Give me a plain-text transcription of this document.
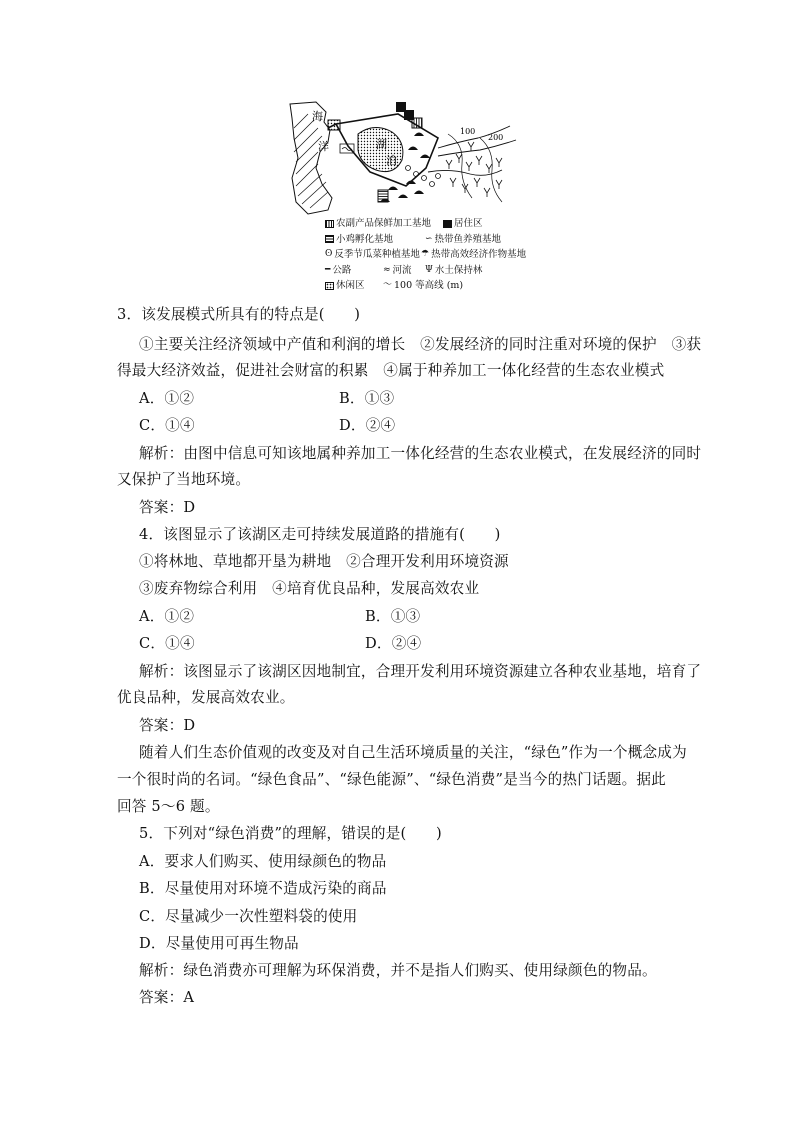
海
洋	湖
泊
100
200
农副产品保鲜加工基地 居住区
小鸡孵化基地	∽ 热带鱼养殖基地
ʘ 反季节瓜菜种植基地 ☂ 热带高效经济作物基地
━ 公路	≈ 河流 Ψ 水土保持林
休闲区 〜 100 等高线 (m)
3．该发展模式所具有的特点是(　　)
①主要关注经济领域中产值和利润的增长　②发展经济的同时注重对环境的保护　③获
得最大经济效益，促进社会财富的积累　④属于种养加工一体化经营的生态农业模式
A．①②	B．①③
C．①④	D．②④
解析：由图中信息可知该地属种养加工一体化经营的生态农业模式，在发展经济的同时
又保护了当地环境。
答案：D
4．该图显示了该湖区走可持续发展道路的措施有(　　)
①将林地、草地都开垦为耕地　②合理开发利用环境资源
③废弃物综合利用　④培育优良品种，发展高效农业
A．①②	B．①③
C．①④	D．②④
解析：该图显示了该湖区因地制宜，合理开发利用环境资源建立各种农业基地，培育了
优良品种，发展高效农业。
答案：D
随着人们生态价值观的改变及对自己生活环境质量的关注，“绿色”作为一个概念成为
一个很时尚的名词。“绿色食品”、“绿色能源”、“绿色消费”是当今的热门话题。据此
回答 5～6 题。
5．下列对“绿色消费”的理解，错误的是(　　)
A．要求人们购买、使用绿颜色的物品
B．尽量使用对环境不造成污染的商品
C．尽量减少一次性塑料袋的使用
D．尽量使用可再生物品
解析：绿色消费亦可理解为环保消费，并不是指人们购买、使用绿颜色的物品。
答案：A
